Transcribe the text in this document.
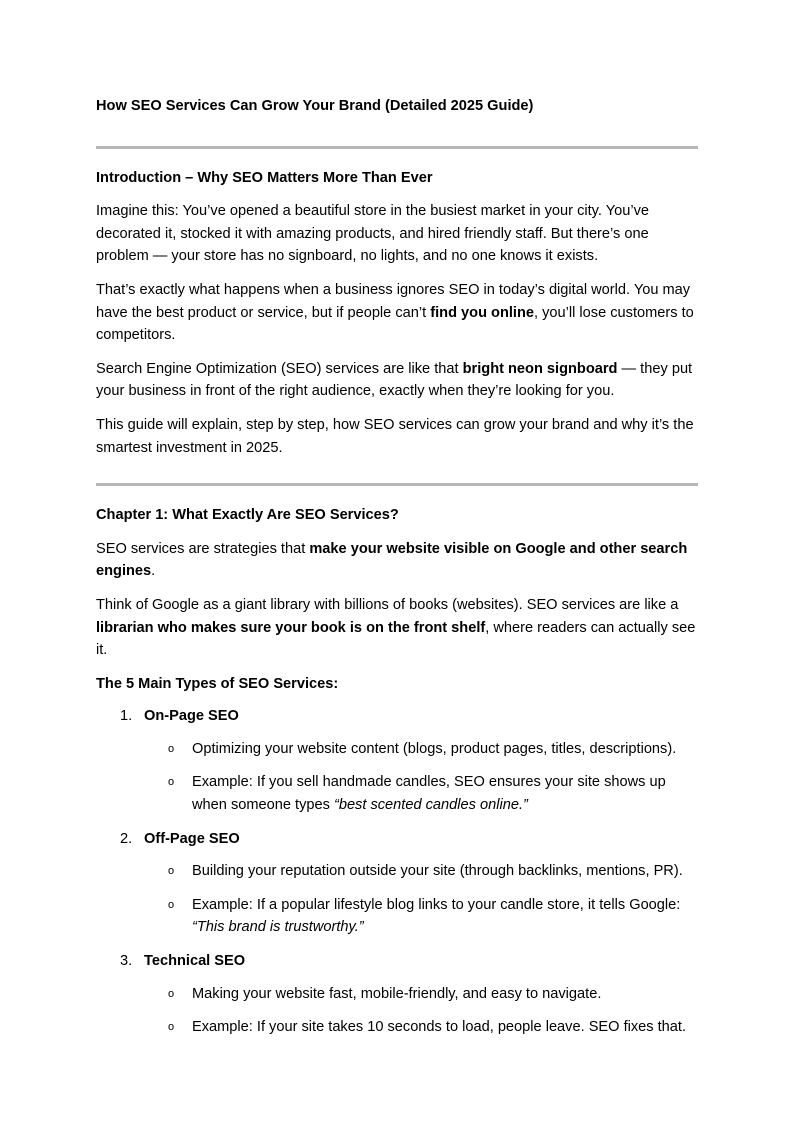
How SEO Services Can Grow Your Brand (Detailed 2025 Guide)

Introduction – Why SEO Matters More Than Ever

Imagine this: You’ve opened a beautiful store in the busiest market in your city. You’ve decorated it, stocked it with amazing products, and hired friendly staff. But there’s one problem — your store has no signboard, no lights, and no one knows it exists.

That’s exactly what happens when a business ignores SEO in today’s digital world. You may have the best product or service, but if people can’t find you online, you’ll lose customers to competitors.

Search Engine Optimization (SEO) services are like that bright neon signboard — they put your business in front of the right audience, exactly when they’re looking for you.

This guide will explain, step by step, how SEO services can grow your brand and why it’s the smartest investment in 2025.

Chapter 1: What Exactly Are SEO Services?

SEO services are strategies that make your website visible on Google and other search engines.

Think of Google as a giant library with billions of books (websites). SEO services are like a librarian who makes sure your book is on the front shelf, where readers can actually see it.

The 5 Main Types of SEO Services:

1. On-Page SEO
o Optimizing your website content (blogs, product pages, titles, descriptions).
o Example: If you sell handmade candles, SEO ensures your site shows up when someone types “best scented candles online.”
2. Off-Page SEO
o Building your reputation outside your site (through backlinks, mentions, PR).
o Example: If a popular lifestyle blog links to your candle store, it tells Google: “This brand is trustworthy.”
3. Technical SEO
o Making your website fast, mobile-friendly, and easy to navigate.
o Example: If your site takes 10 seconds to load, people leave. SEO fixes that.
